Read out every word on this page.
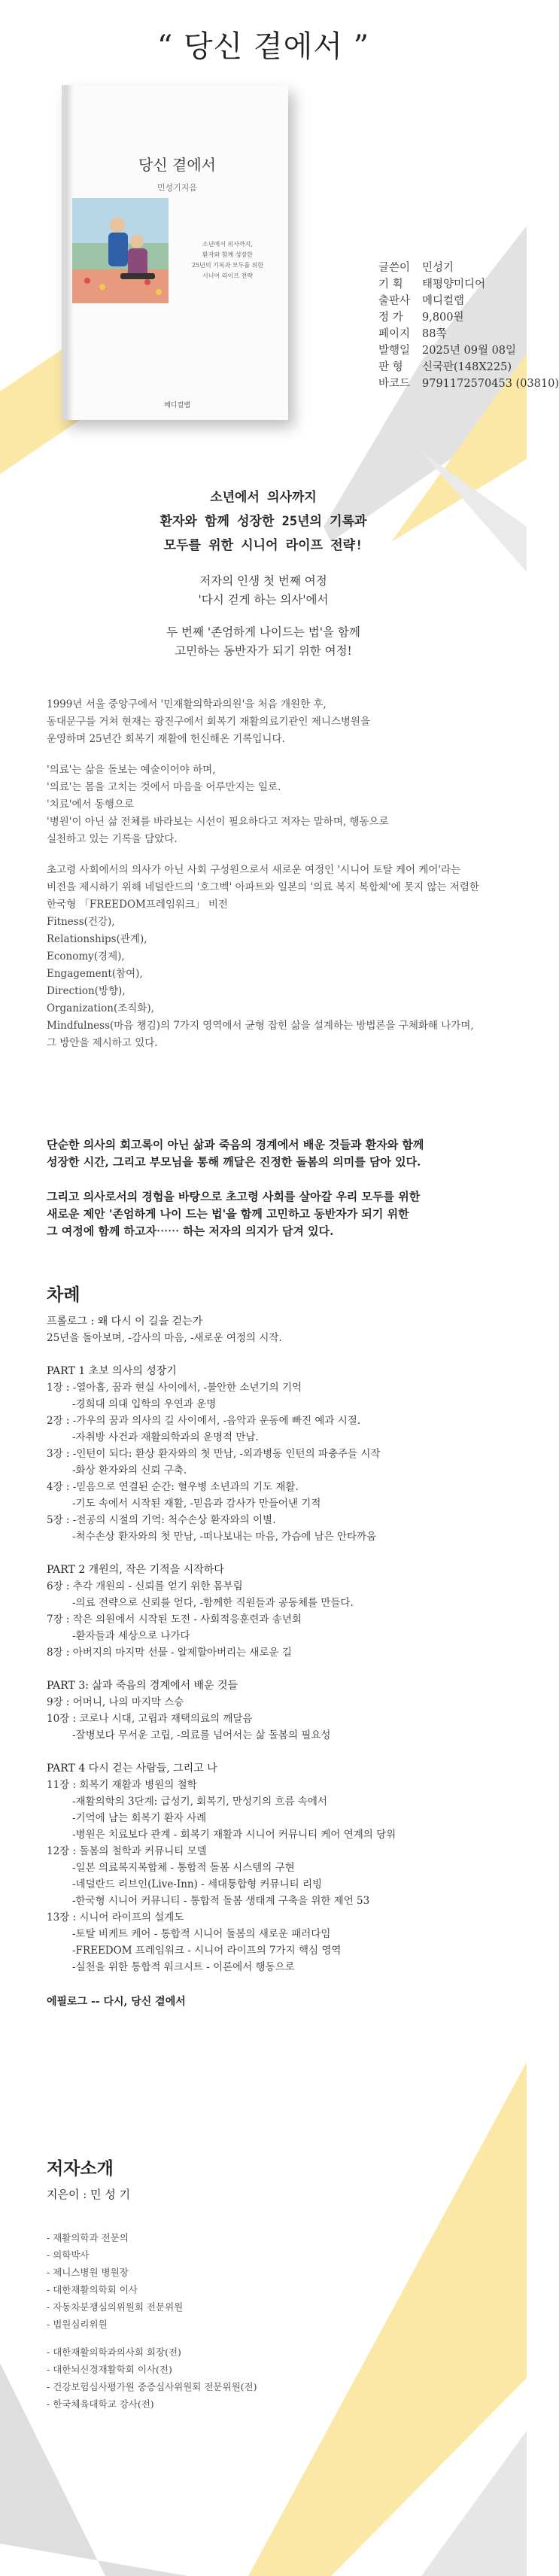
“ 당신 곁에서 ”
당신 곁에서
민성기지음
소년에서 의사까지,
환자와 함께 성장한
25년의 기록과 모두를 위한
시니어 라이프 전략
메디컬랩
글쓴이 민성기
기 획 태평양미디어
출판사 메디컬랩
정 가 9,800원
페이지 88쪽
발행일 2025년 09월 08일
판 형 신국판(148X225)
바코드 9791172570453 (03810)
소년에서 의사까지
환자와 함께 성장한 25년의 기록과
모두를 위한 시니어 라이프 전략!

저자의 인생 첫 번째 여정
'다시 걷게 하는 의사'에서

두 번째 '존엄하게 나이드는 법'을 함께
고민하는 동반자가 되기 위한 여정!

1999년 서울 중앙구에서 '민재활의학과의원'을 처음 개원한 후,
동대문구를 거쳐 현재는 광진구에서 회복기 재활의료기관인 제니스병원을
운영하며 25년간 회복기 재활에 헌신해온 기록입니다.

'의료'는 삶을 돌보는 예술이어야 하며,
'의료'는 몸을 고치는 것에서 마음을 어루만지는 일로.
'치료'에서 동행으로
'병원'이 아닌 삶 전체를 바라보는 시선이 필요하다고 저자는 말하며, 행동으로
실천하고 있는 기록을 담았다.

초고령 사회에서의 의사가 아닌 사회 구성원으로서 새로운 여정인 '시니어 토탈 케어 케어'라는
비전을 제시하기 위해 네덜란드의 '호그벡' 아파트와 일본의 '의료 복지 복합체'에 못지 않는 저렴한
한국형 「FREEDOM프레임워크」 비전
Fitness(건강),
Relationships(관계),
Economy(경제),
Engagement(참여),
Direction(방향),
Organization(조직화),
Mindfulness(마음 챙김)의 7가지 영역에서 균형 잡힌 삶을 설계하는 방법론을 구체화해 나가며,
그 방안을 제시하고 있다.

단순한 의사의 회고록이 아닌 삶과 죽음의 경계에서 배운 것들과 환자와 함께
성장한 시간, 그리고 부모님을 통해 깨달은 진정한 돌봄의 의미를 담아 있다.

그리고 의사로서의 경험을 바탕으로 초고령 사회를 살아갈 우리 모두를 위한
새로운 제안 '존엄하게 나이 드는 법'을 함께 고민하고 동반자가 되기 위한
그 여정에 함께 하고자⋯⋯ 하는 저자의 의지가 담겨 있다.

차례
프롤로그 : 왜 다시 이 길을 걷는가
25년을 돌아보며, -감사의 마음, -새로운 여정의 시작.
PART 1 초보 의사의 성장기
1장 : -열아홉, 꿈과 현실 사이에서, -불안한 소년기의 기억
-경희대 의대 입학의 우연과 운명
2장 : -가우의 꿈과 의사의 길 사이에서, -음악과 운동에 빠진 예과 시절.
-자취방 사건과 재활의학과의 운명적 만남.
3장 : -인턴이 되다: 환상 환자와의 첫 만남, -외과병동 인턴의 파충주들 시작
-화상 환자와의 신뢰 구축.
4장 : -믿음으로 연결된 순간: 혈우병 소년과의 기도 재활.
-기도 속에서 시작된 재활, -믿음과 감사가 만들어낸 기적
5장 : -전공의 시절의 기억: 척수손상 환자와의 이별.
-척수손상 환자와의 첫 만남, -떠나보내는 마음, 가슴에 남은 안타까움
PART 2 개원의, 작은 기적을 시작하다
6장 : 추각 개원의 - 신뢰를 얻기 위한 몸부림
-의료 전략으로 신뢰를 얻다, -함께한 직원들과 공동체를 만들다.
7장 : 작은 의원에서 시작된 도전 - 사회적응훈련과 송년회
-환자들과 세상으로 나가다
8장 : 아버지의 마지막 선물 - 알제할아버리는 새로운 길
PART 3: 삶과 죽음의 경계에서 배운 것들
9장 : 어머니, 나의 마지막 스승
10장 : 코로나 시대, 고립과 재택의료의 깨달음
-잘병보다 무서운 고립, -의료를 넘어서는 삶 돌봄의 필요성
PART 4 다시 걷는 사람들, 그리고 나
11장 : 회복기 재활과 병원의 철학
-재활의학의 3단계: 급성기, 회복기, 만성기의 흐름 속에서
-기억에 남는 회복기 환자 사례
-병원은 치료보다 관계 - 회복기 재활과 시니어 커뮤니티 케어 연계의 당위
12장 : 돌봄의 철학과 커뮤니티 모델
-일본 의료복지복합체 - 통합적 돌봄 시스템의 구현
-네덜란드 리브인(Live-Inn) - 세대통합형 커뮤니티 리빙
-한국형 시니어 커뮤니티 - 통합적 돌봄 생태계 구축을 위한 제언 53
13장 : 시니어 라이프의 설계도
-토탈 비케트 케어 - 통합적 시니어 돌봄의 새로운 패러다임
-FREEDOM 프레임워크 - 시니어 라이프의 7가지 핵심 영역
-실천을 위한 통합적 워크시트 - 이론에서 행동으로
에필로그 -- 다시, 당신 곁에서
저자소개
지은이 : 민 성 기
- 재활의학과 전문의
- 의학박사
- 제니스병원 병원장
- 대한재활의학회 이사
- 자동차분쟁심의위원회 전문위원
- 법원심리위원
- 대한재활의학과의사회 회장(전)
- 대한뇌신경재활학회 이사(전)
- 건강보험심사평가원 중증심사위원회 전문위원(전)
- 한국체육대학교 강사(전)
